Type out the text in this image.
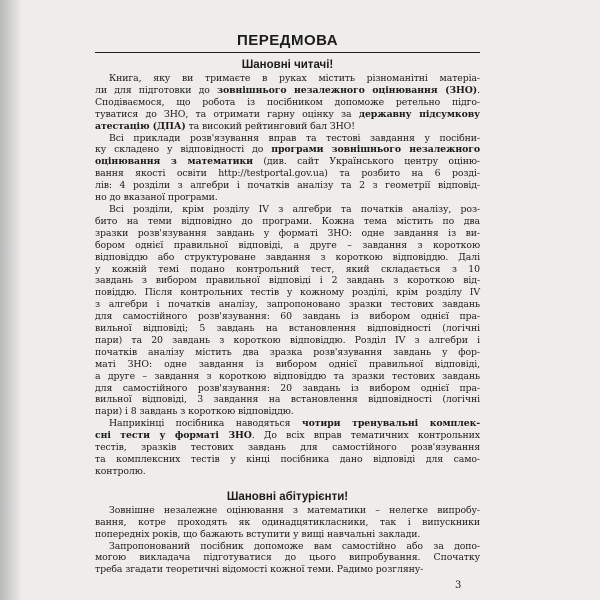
ПЕРЕДМОВА
Шановні читачі!
Книга, яку ви тримаєте в руках містить різноманітні матеріа-
ли для підготовки до зовнішнього незалежного оцінювання (ЗНО).
Сподіваємося, що робота із посібником допоможе ретельно підго-
туватися до ЗНО, та отримати гарну оцінку за державну підсумкову
атестацію (ДПА) та високий рейтинговий бал ЗНО!
Всі приклади розв'язування вправ та тестові завдання у посібни-
ку складено у відповідності до програми зовнішнього незалежного
оцінювання з математики (див. сайт Українського центру оціню-
вання якості освіти http://testportal.gov.ua) та розбито на 6 розді-
лів: 4 розділи з алгебри і початків аналізу та 2 з геометрії відповід-
но до вказаної програми.
Всі розділи, крім розділу IV з алгебри та початків аналізу, роз-
бито на теми відповідно до програми. Кожна тема містить по два
зразки розв'язування завдань у форматі ЗНО: одне завдання із ви-
бором однієї правильної відповіді, а друге – завдання з короткою
відповіддю або структуроване завдання з короткою відповіддю. Далі
у кожній темі подано контрольний тест, який складається з 10
завдань з вибором правильної відповіді і 2 завдань з короткою від-
повіддю. Після контрольних тестів у кожному розділі, крім розділу IV
з алгебри і початків аналізу, запропоновано зразки тестових завдань
для самостійного розв'язування: 60 завдань із вибором однієї пра-
вильної відповіді; 5 завдань на встановлення відповідності (логічні
пари) та 20 завдань з короткою відповіддю. Розділ IV з алгебри і
початків аналізу містить два зразка розв'язування завдань у фор-
маті ЗНО: одне завдання із вибором однієї правильної відповіді,
а друге – завдання з короткою відповіддю та зразки тестових завдань
для самостійного розв'язування: 20 завдань із вибором однієї пра-
вильної відповіді, 3 завдання на встановлення відповідності (логічні
пари) і 8 завдань з короткою відповіддю.
Наприкінці посібника наводяться чотири тренувальні комплек-
сні тести у форматі ЗНО. До всіх вправ тематичних контрольних
тестів, зразків тестових завдань для самостійного розв'язування
та комплексних тестів у кінці посібника дано відповіді для само-
контролю.
Шановні абітурієнти!
Зовнішне незалежне оцінювання з математики – нелегке випробу-
вання, котре проходять як одинадцятикласники, так і випускники
попередніх років, що бажають вступити у вищі навчальні заклади.
Запропонований посібник допоможе вам самостійно або за допо-
могою викладача підготуватися до цього випробування. Спочатку
треба згадати теоретичні відомості кожної теми. Радимо розгляну-
3
